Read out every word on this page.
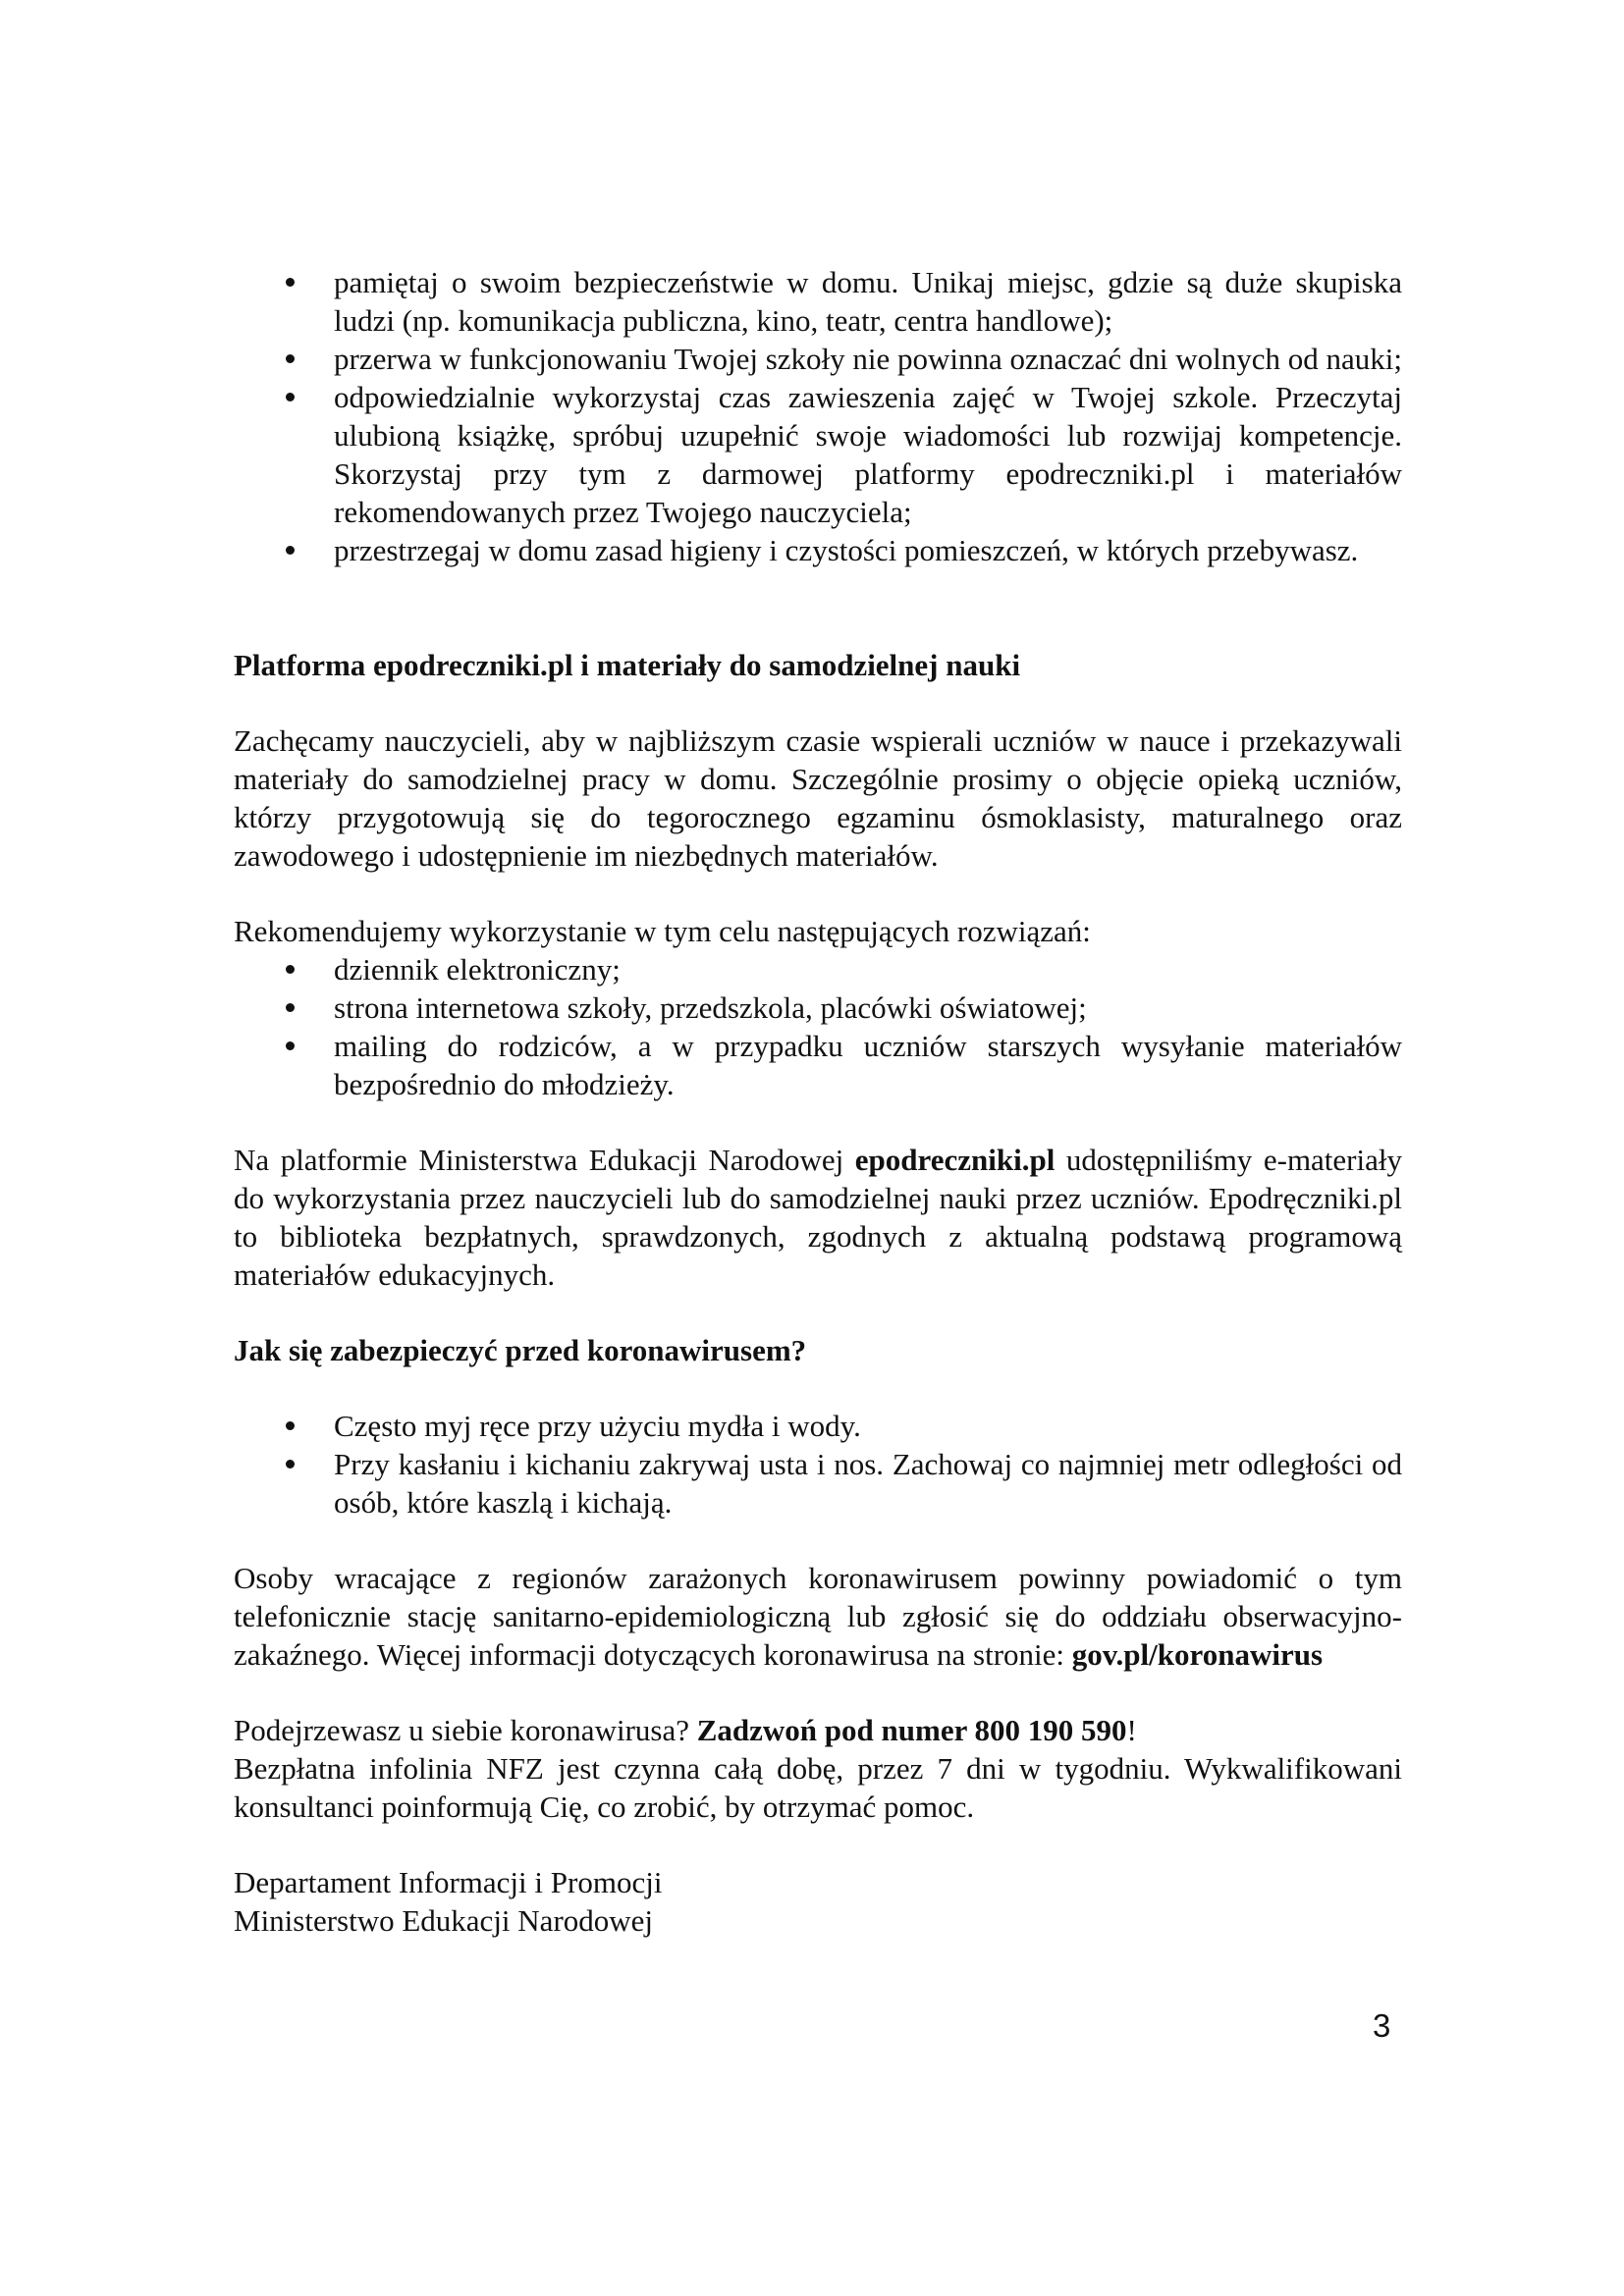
pamiętaj o swoim bezpieczeństwie w domu. Unikaj miejsc, gdzie są duże skupiska ludzi (np. komunikacja publiczna, kino, teatr, centra handlowe);
przerwa w funkcjonowaniu Twojej szkoły nie powinna oznaczać dni wolnych od nauki;
odpowiedzialnie wykorzystaj czas zawieszenia zajęć w Twojej szkole. Przeczytaj ulubioną książkę, spróbuj uzupełnić swoje wiadomości lub rozwijaj kompetencje. Skorzystaj przy tym z darmowej platformy epodreczniki.pl i materiałów rekomendowanych przez Twojego nauczyciela;
przestrzegaj w domu zasad higieny i czystości pomieszczeń, w których przebywasz.

Platforma epodreczniki.pl i materiały do samodzielnej nauki

Zachęcamy nauczycieli, aby w najbliższym czasie wspierali uczniów w nauce i przekazywali materiały do samodzielnej pracy w domu. Szczególnie prosimy o objęcie opieką uczniów, którzy przygotowują się do tegorocznego egzaminu ósmoklasisty, maturalnego oraz zawodowego i udostępnienie im niezbędnych materiałów.

Rekomendujemy wykorzystanie w tym celu następujących rozwiązań:

dziennik elektroniczny;
strona internetowa szkoły, przedszkola, placówki oświatowej;
mailing do rodziców, a w przypadku uczniów starszych wysyłanie materiałów bezpośrednio do młodzieży.

Na platformie Ministerstwa Edukacji Narodowej epodreczniki.pl udostępniliśmy e-materiały do wykorzystania przez nauczycieli lub do samodzielnej nauki przez uczniów. Epodręczniki.pl to biblioteka bezpłatnych, sprawdzonych, zgodnych z aktualną podstawą programową materiałów edukacyjnych.

Jak się zabezpieczyć przed koronawirusem?

Często myj ręce przy użyciu mydła i wody.
Przy kasłaniu i kichaniu zakrywaj usta i nos. Zachowaj co najmniej metr odległości od osób, które kaszlą i kichają.

Osoby wracające z regionów zarażonych koronawirusem powinny powiadomić o tym telefonicznie stację sanitarno-epidemiologiczną lub zgłosić się do oddziału obserwacyjno-zakaźnego. Więcej informacji dotyczących koronawirusa na stronie: gov.pl/koronawirus

Podejrzewasz u siebie koronawirusa? Zadzwoń pod numer 800 190 590!
Bezpłatna infolinia NFZ jest czynna całą dobę, przez 7 dni w tygodniu. Wykwalifikowani konsultanci poinformują Cię, co zrobić, by otrzymać pomoc.

Departament Informacji i Promocji
Ministerstwo Edukacji Narodowej

3
